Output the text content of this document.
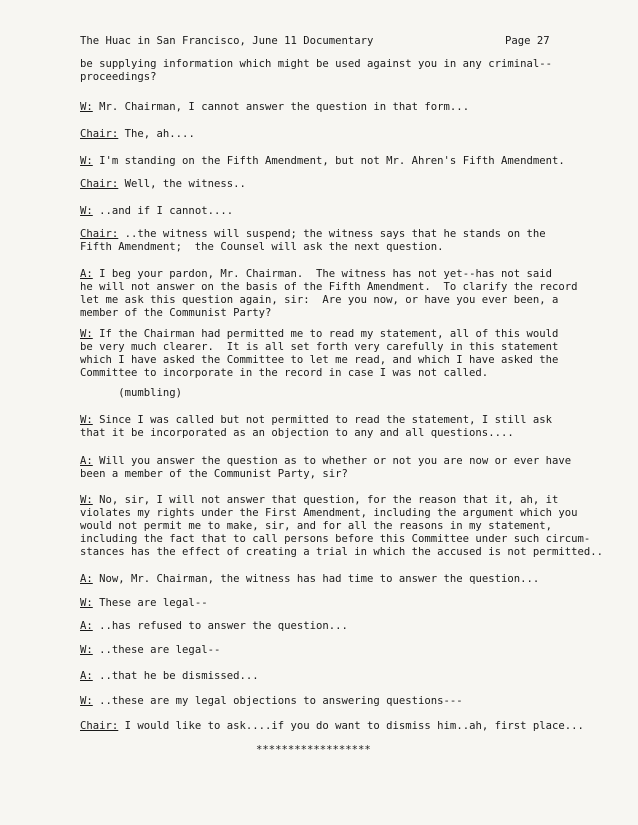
The Huac in San Francisco, June 11 Documentary	Page 27
be supplying information which might be used against you in any criminal--
proceedings?
W: Mr. Chairman, I cannot answer the question in that form...
Chair: The, ah....
W: I'm standing on the Fifth Amendment, but not Mr. Ahren's Fifth Amendment.
Chair: Well, the witness..
W: ..and if I cannot....
Chair: ..the witness will suspend; the witness says that he stands on the
Fifth Amendment;  the Counsel will ask the next question.
A: I beg your pardon, Mr. Chairman.  The witness has not yet--has not said
he will not answer on the basis of the Fifth Amendment.  To clarify the record
let me ask this question again, sir:  Are you now, or have you ever been, a
member of the Communist Party?
W: If the Chairman had permitted me to read my statement, all of this would
be very much clearer.  It is all set forth very carefully in this statement
which I have asked the Committee to let me read, and which I have asked the
Committee to incorporate in the record in case I was not called.
(mumbling)
W: Since I was called but not permitted to read the statement, I still ask
that it be incorporated as an objection to any and all questions....
A: Will you answer the question as to whether or not you are now or ever have
been a member of the Communist Party, sir?
W: No, sir, I will not answer that question, for the reason that it, ah, it
violates my rights under the First Amendment, including the argument which you
would not permit me to make, sir, and for all the reasons in my statement,
including the fact that to call persons before this Committee under such circum-
stances has the effect of creating a trial in which the accused is not permitted..
A: Now, Mr. Chairman, the witness has had time to answer the question...
W: These are legal--
A: ..has refused to answer the question...
W: ..these are legal--
A: ..that he be dismissed...
W: ..these are my legal objections to answering questions---
Chair: I would like to ask....if you do want to dismiss him..ah, first place...
******************
